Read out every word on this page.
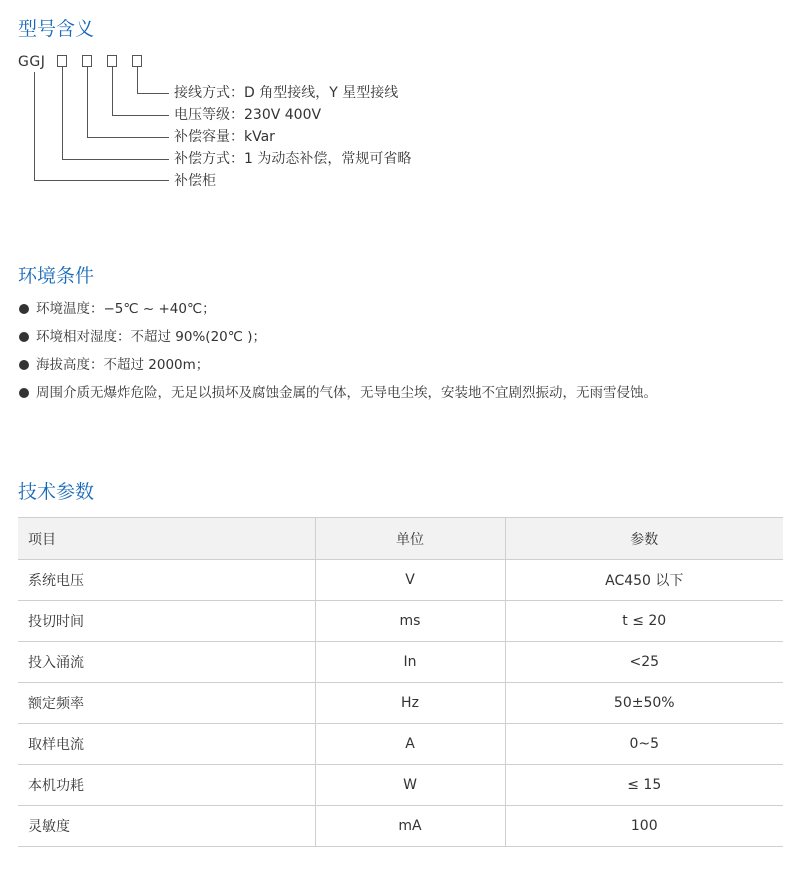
型号含义
GGJ
接线方式：D 角型接线，Y 星型接线
电压等级：230V 400V
补偿容量：kVar
补偿方式：1 为动态补偿，常规可省略
补偿柜
环境条件
环境温度：−5℃ ~ +40℃；
环境相对湿度：不超过 90%(20℃ )；
海拔高度：不超过 2000m；
周围介质无爆炸危险，无足以损坏及腐蚀金属的气体，无导电尘埃，安装地不宜剧烈振动，无雨雪侵蚀。
技术参数
项目	单位	参数
系统电压	V	AC450 以下
投切时间	ms	t ≤ 20
投入涌流	In	<25
额定频率	Hz	50±50%
取样电流	A	0~5
本机功耗	W	≤ 15
灵敏度	mA	100
